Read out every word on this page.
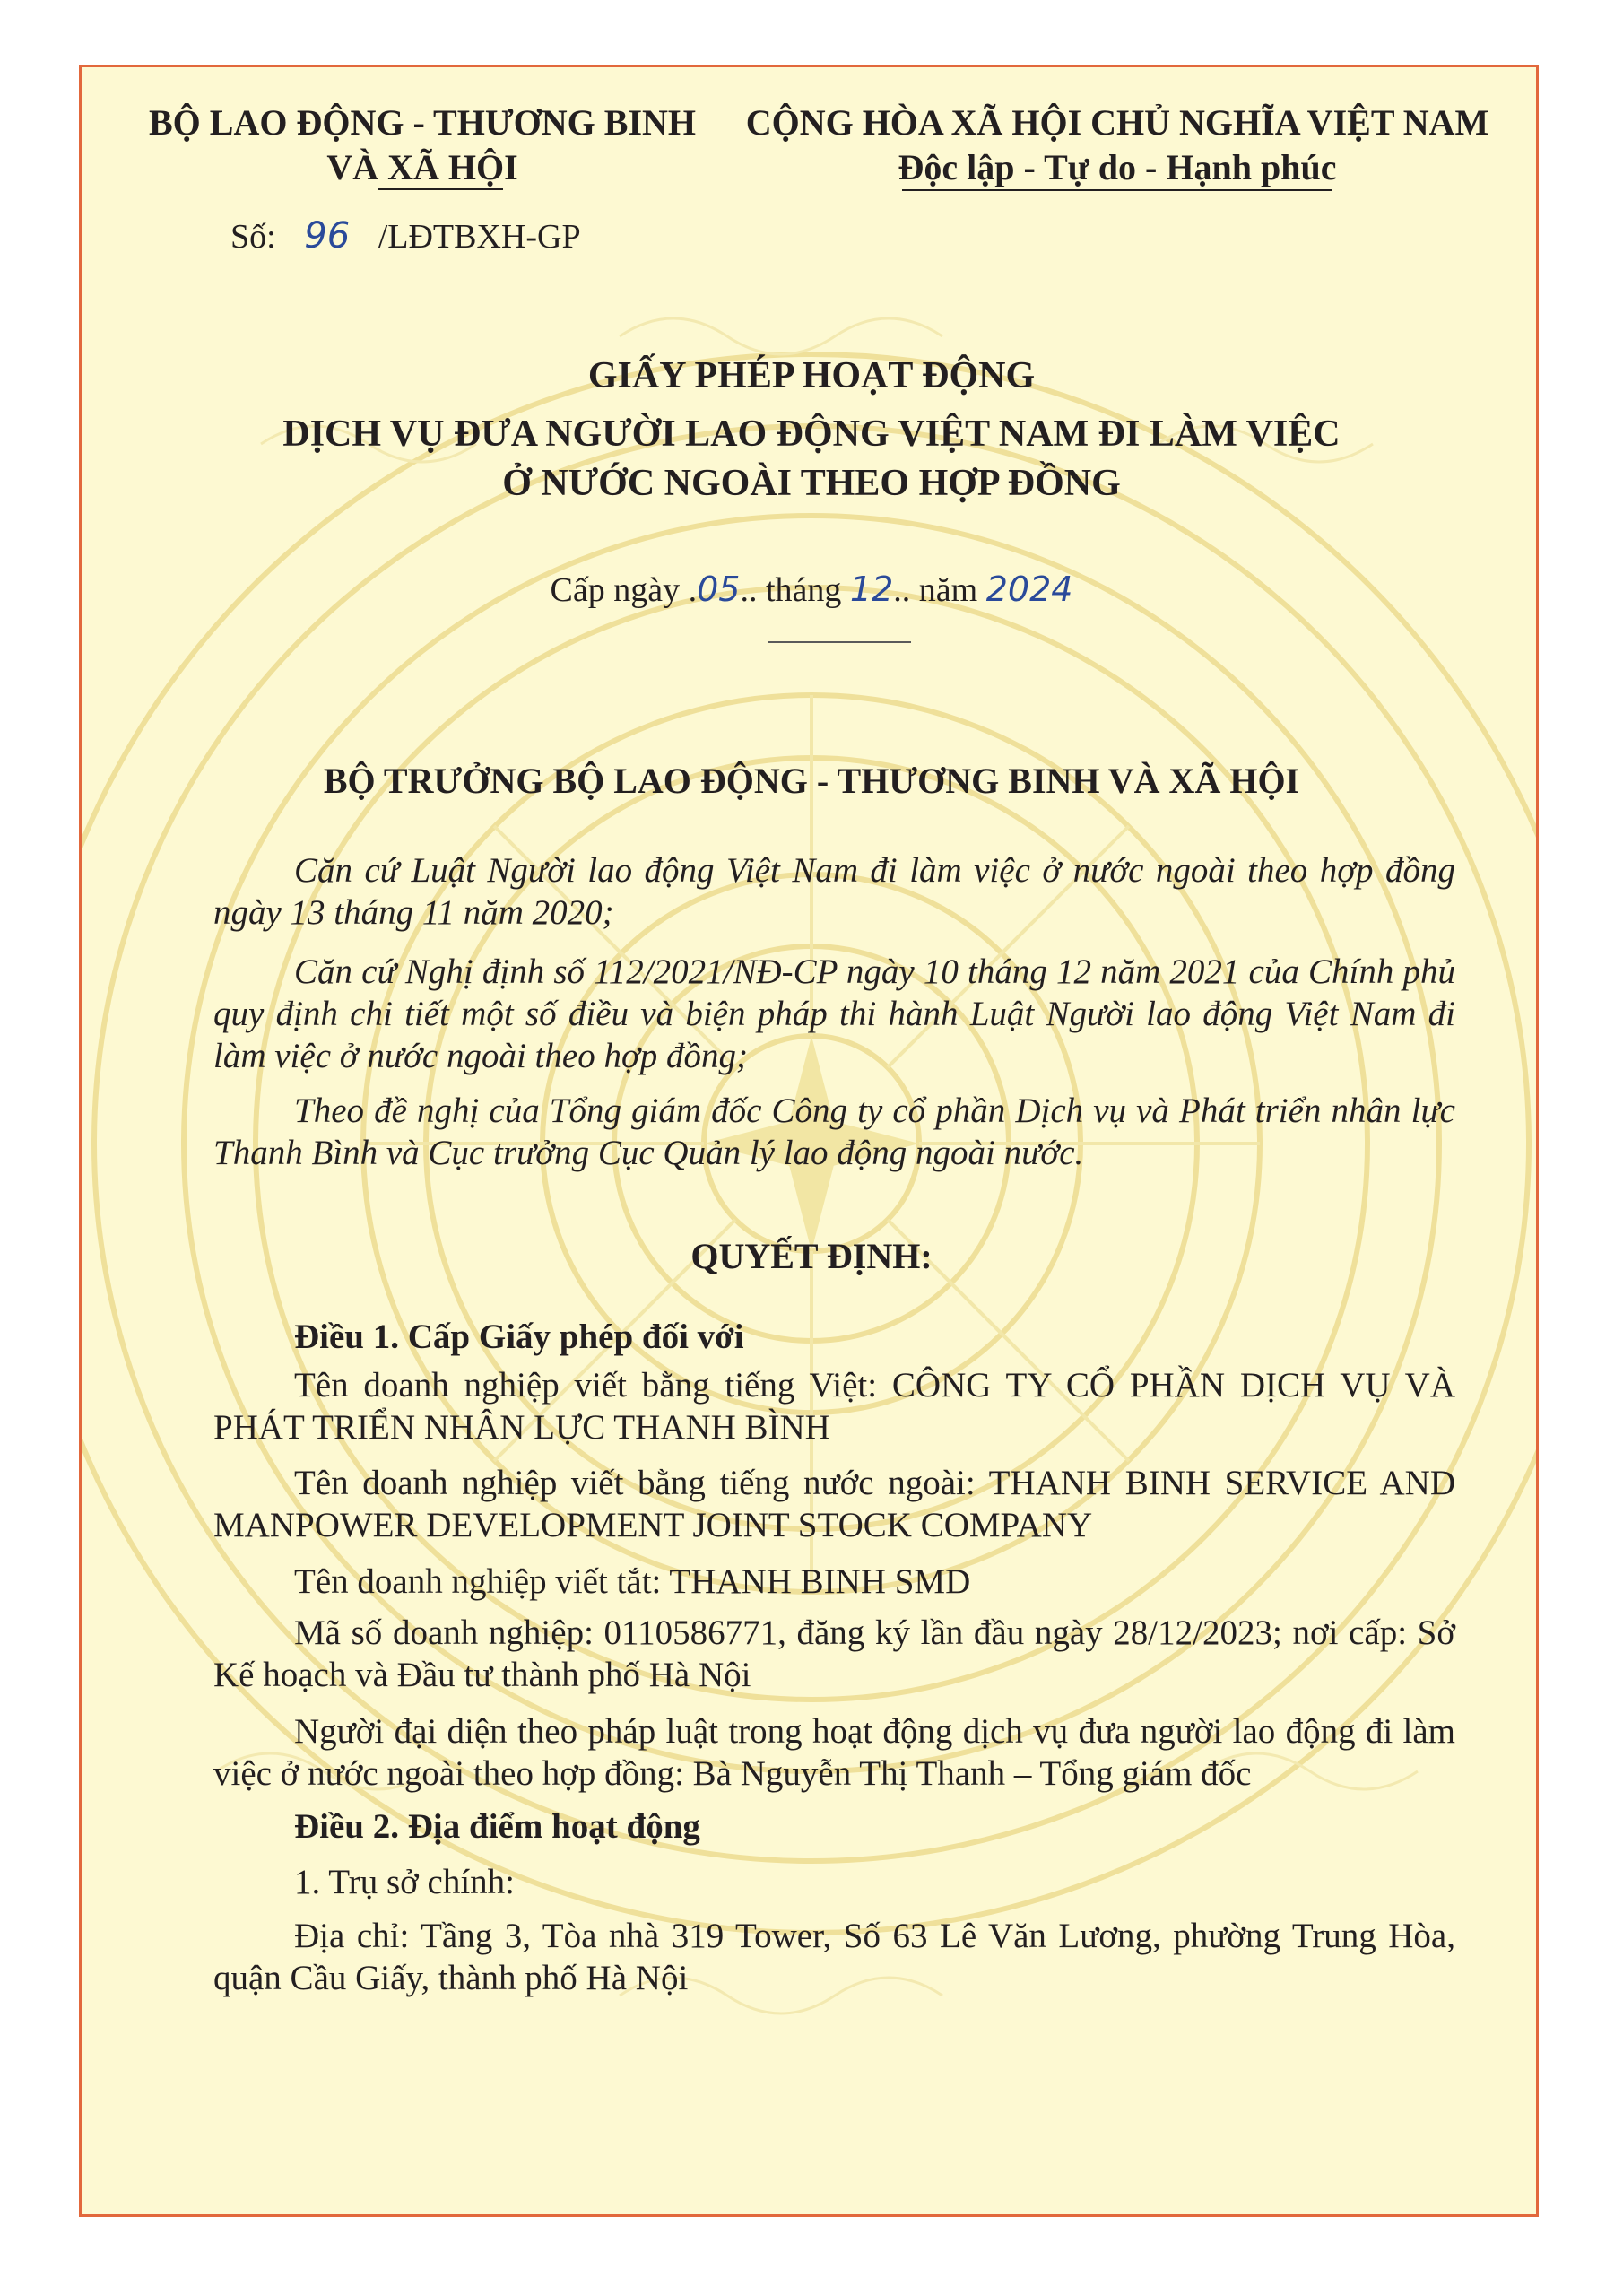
BỘ LAO ĐỘNG - THƯƠNG BINH
VÀ XÃ HỘI
CỘNG HÒA XÃ HỘI CHỦ NGHĨA VIỆT NAM
Độc lập - Tự do - Hạnh phúc
Số: 96 /LĐTBXH-GP
GIẤY PHÉP HOẠT ĐỘNG
DỊCH VỤ ĐƯA NGƯỜI LAO ĐỘNG VIỆT NAM ĐI LÀM VIỆC
Ở NƯỚC NGOÀI THEO HỢP ĐỒNG
Cấp ngày .05.. tháng 12.. năm 2024
BỘ TRƯỞNG BỘ LAO ĐỘNG - THƯƠNG BINH VÀ XÃ HỘI
Căn cứ Luật Người lao động Việt Nam đi làm việc ở nước ngoài theo hợp đồng ngày 13 tháng 11 năm 2020;
Căn cứ Nghị định số 112/2021/NĐ-CP ngày 10 tháng 12 năm 2021 của Chính phủ quy định chi tiết một số điều và biện pháp thi hành Luật Người lao động Việt Nam đi làm việc ở nước ngoài theo hợp đồng;
Theo đề nghị của Tổng giám đốc Công ty cổ phần Dịch vụ và Phát triển nhân lực Thanh Bình và Cục trưởng Cục Quản lý lao động ngoài nước.
QUYẾT ĐỊNH:
Điều 1. Cấp Giấy phép đối với
Tên doanh nghiệp viết bằng tiếng Việt: CÔNG TY CỔ PHẦN DỊCH VỤ VÀ PHÁT TRIỂN NHÂN LỰC THANH BÌNH
Tên doanh nghiệp viết bằng tiếng nước ngoài: THANH BINH SERVICE AND MANPOWER DEVELOPMENT JOINT STOCK COMPANY
Tên doanh nghiệp viết tắt: THANH BINH SMD
Mã số doanh nghiệp: 0110586771, đăng ký lần đầu ngày 28/12/2023; nơi cấp: Sở Kế hoạch và Đầu tư thành phố Hà Nội
Người đại diện theo pháp luật trong hoạt động dịch vụ đưa người lao động đi làm việc ở nước ngoài theo hợp đồng: Bà Nguyễn Thị Thanh – Tổng giám đốc
Điều 2. Địa điểm hoạt động
1. Trụ sở chính:
Địa chỉ: Tầng 3, Tòa nhà 319 Tower, Số 63 Lê Văn Lương, phường Trung Hòa, quận Cầu Giấy, thành phố Hà Nội
